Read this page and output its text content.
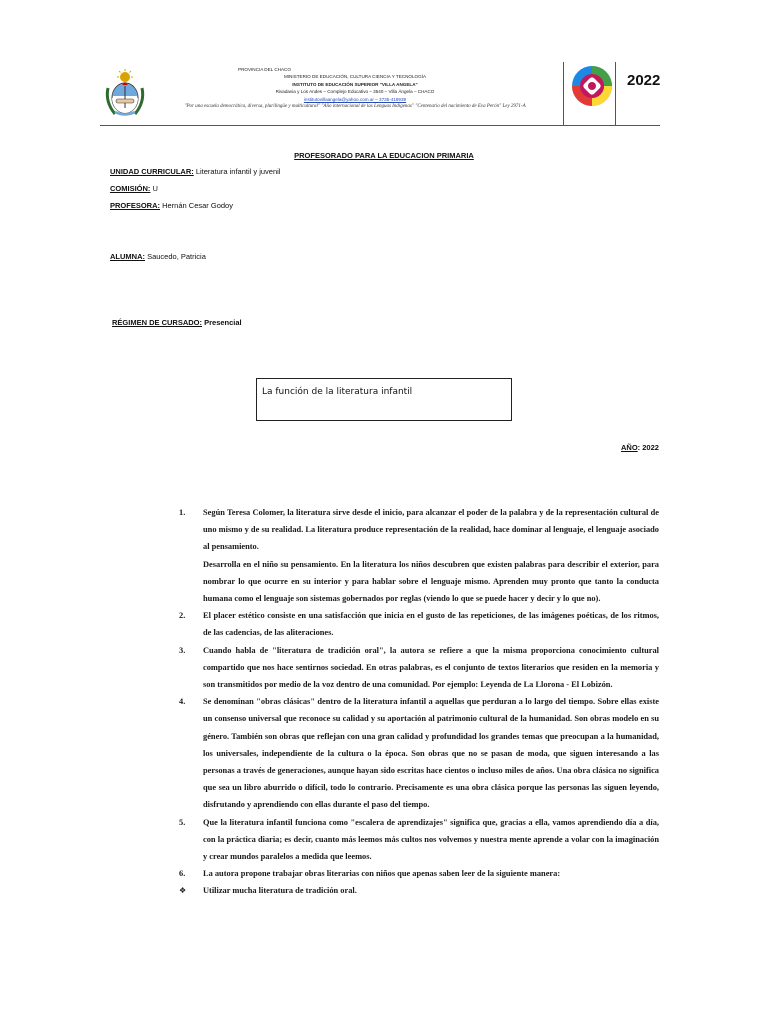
PROVINCIA DEL CHACO
MINISTERIO DE EDUCACIÓN, CULTURA CIENCIA Y TECNOLOGÍA
INSTITUTO DE EDUCACIÓN SUPERIOR "VILLA ANGELA"
Rivadavia y Los Andes – Complejo Educativo – 3540 – Villa Ángela – CHACO
institutovillaangela@yahoo.com.ar – 3735-418939
"Por una escuela democrática, diversa, plurilingüe y multicultural" "Año internacional de las Lenguas Indígenas" "Centenario del nacimiento de Eva Perón" Ley 2971-A
2022
PROFESORADO PARA LA EDUCACION PRIMARIA
UNIDAD CURRICULAR: Literatura infantil y juvenil
COMISIÓN: U
PROFESORA: Hernán Cesar Godoy
ALUMNA: Saucedo, Patricia
RÉGIMEN DE CURSADO: Presencial
La función de la literatura infantil
AÑO: 2022
1. Según Teresa Colomer, la literatura sirve desde el inicio, para alcanzar el poder de la palabra y de la representación cultural de uno mismo y de su realidad. La literatura produce representación de la realidad, hace dominar al lenguaje, el lenguaje asociado al pensamiento.

Desarrolla en el niño su pensamiento. En la literatura los niños descubren que existen palabras para describir el exterior, para nombrar lo que ocurre en su interior y para hablar sobre el lenguaje mismo. Aprenden muy pronto que tanto la conducta humana como el lenguaje son sistemas gobernados por reglas (viendo lo que se puede hacer y decir y lo que no).

2. El placer estético consiste en una satisfacción que inicia en el gusto de las repeticiones, de las imágenes poéticas, de los ritmos, de las cadencias, de las aliteraciones.

3. Cuando habla de "literatura de tradición oral", la autora se refiere a que la misma proporciona conocimiento cultural compartido que nos hace sentirnos sociedad. En otras palabras, es el conjunto de textos literarios que residen en la memoria y son transmitidos por medio de la voz dentro de una comunidad. Por ejemplo: Leyenda de La Llorona - El Lobizón.

4. Se denominan "obras clásicas" dentro de la literatura infantil a aquellas que perduran a lo largo del tiempo. Sobre ellas existe un consenso universal que reconoce su calidad y su aportación al patrimonio cultural de la humanidad. Son obras modelo en su género. También son obras que reflejan con una gran calidad y profundidad los grandes temas que preocupan a la humanidad, los universales, independiente de la cultura o la época. Son obras que no se pasan de moda, que siguen interesando a las personas a través de generaciones, aunque hayan sido escritas hace cientos o incluso miles de años. Una obra clásica no significa que sea un libro aburrido o difícil, todo lo contrario. Precisamente es una obra clásica porque las personas las siguen leyendo, disfrutando y aprendiendo con ellas durante el paso del tiempo.

5. Que la literatura infantil funciona como "escalera de aprendizajes" significa que, gracias a ella, vamos aprendiendo día a día, con la práctica diaria; es decir, cuanto más leemos más cultos nos volvemos y nuestra mente aprende a volar con la imaginación y crear mundos paralelos a medida que leemos.

6. La autora propone trabajar obras literarias con niños que apenas saben leer de la siguiente manera:

❖ Utilizar mucha literatura de tradición oral.
